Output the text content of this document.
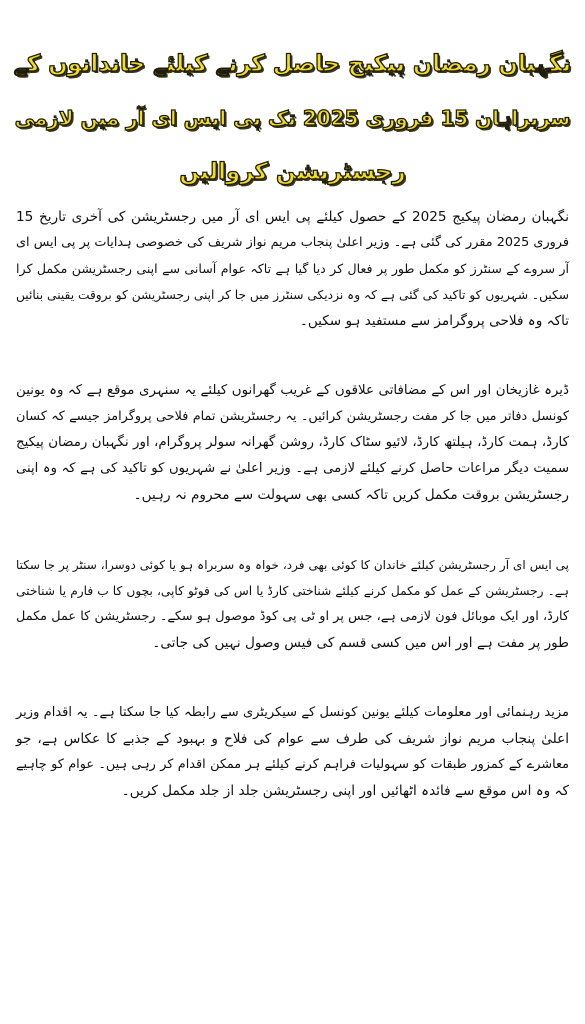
نگہبان رمضان پیکیج حاصل کرنے کیلئے خاندانوں کے
سربراہان 15 فروری 2025 تک پی ایس ای آر میں لازمی
رجسٹریشن کروالیں

نگہبان رمضان پیکیج 2025 کے حصول کیلئے پی ایس ای آر میں رجسٹریشن کی آخری تاریخ 15
فروری 2025 مقرر کی گئی ہے۔ وزیر اعلیٰ پنجاب مریم نواز شریف کی خصوصی ہدایات پر پی ایس ای
آر سروے کے سنٹرز کو مکمل طور پر فعال کر دیا گیا ہے تاکہ عوام آسانی سے اپنی رجسٹریشن مکمل کرا
سکیں۔ شہریوں کو تاکید کی گئی ہے کہ وہ نزدیکی سنٹرز میں جا کر اپنی رجسٹریشن کو بروقت یقینی بنائیں
تاکہ وہ فلاحی پروگرامز سے مستفید ہو سکیں۔

ڈیرہ غازیخان اور اس کے مضافاتی علاقوں کے غریب گھرانوں کیلئے یہ سنہری موقع ہے کہ وہ یونین
کونسل دفاتر میں جا کر مفت رجسٹریشن کرائیں۔ یہ رجسٹریشن تمام فلاحی پروگرامز جیسے کہ کسان
کارڈ، ہمت کارڈ، ہیلتھ کارڈ، لائیو سٹاک کارڈ، روشن گھرانہ سولر پروگرام، اور نگہبان رمضان پیکیج
سمیت دیگر مراعات حاصل کرنے کیلئے لازمی ہے۔ وزیر اعلیٰ نے شہریوں کو تاکید کی ہے کہ وہ اپنی
رجسٹریشن بروقت مکمل کریں تاکہ کسی بھی سہولت سے محروم نہ رہیں۔

پی ایس ای آر رجسٹریشن کیلئے خاندان کا کوئی بھی فرد، خواہ وہ سربراہ ہو یا کوئی دوسرا، سنٹر پر جا سکتا
ہے۔ رجسٹریشن کے عمل کو مکمل کرنے کیلئے شناختی کارڈ یا اس کی فوٹو کاپی، بچوں کا ب فارم یا شناختی
کارڈ، اور ایک موبائل فون لازمی ہے، جس پر او ٹی پی کوڈ موصول ہو سکے۔ رجسٹریشن کا عمل مکمل
طور پر مفت ہے اور اس میں کسی قسم کی فیس وصول نہیں کی جاتی۔

مزید رہنمائی اور معلومات کیلئے یونین کونسل کے سیکریٹری سے رابطہ کیا جا سکتا ہے۔ یہ اقدام وزیر
اعلیٰ پنجاب مریم نواز شریف کی طرف سے عوام کی فلاح و بہبود کے جذبے کا عکاس ہے، جو
معاشرے کے کمزور طبقات کو سہولیات فراہم کرنے کیلئے ہر ممکن اقدام کر رہی ہیں۔ عوام کو چاہیے
کہ وہ اس موقع سے فائدہ اٹھائیں اور اپنی رجسٹریشن جلد از جلد مکمل کریں۔
